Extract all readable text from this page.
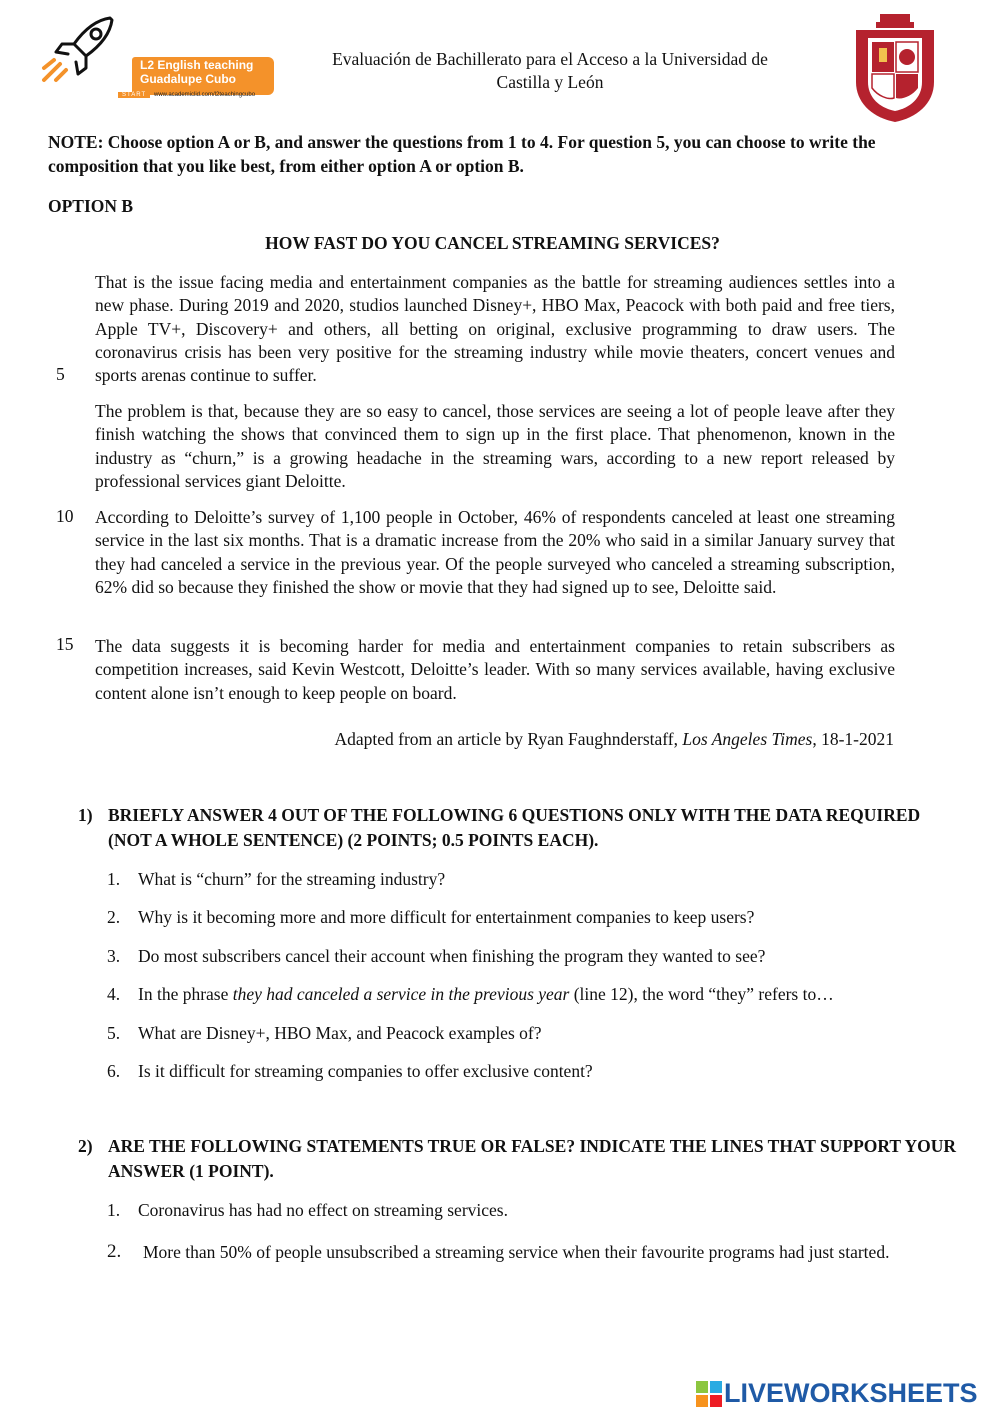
L2 English teaching
Guadalupe Cubo
START	www.academiclid.com/l2teachingcubo
Evaluación de Bachillerato para el Acceso a la Universidad de
Castilla y León
NOTE: Choose option A or B, and answer the questions from 1 to 4. For question 5, you can choose to write the composition that you like best, from either option A or option B.
OPTION B
HOW FAST DO YOU CANCEL STREAMING SERVICES?
That is the issue facing media and entertainment companies as the battle for streaming audiences settles into a new phase. During 2019 and 2020, studios launched Disney+, HBO Max, Peacock with both paid and free tiers, Apple TV+, Discovery+ and others, all betting on original, exclusive programming to draw users. The coronavirus crisis has been very positive for the streaming industry while movie theaters, concert venues and sports arenas continue to suffer.
The problem is that, because they are so easy to cancel, those services are seeing a lot of people leave after they finish watching the shows that convinced them to sign up in the first place. That phenomenon, known in the industry as “churn,” is a growing headache in the streaming wars, according to a new report released by professional services giant Deloitte.
According to Deloitte’s survey of 1,100 people in October, 46% of respondents canceled at least one streaming service in the last six months. That is a dramatic increase from the 20% who said in a similar January survey that they had canceled a service in the previous year. Of the people surveyed who canceled a streaming subscription, 62% did so because they finished the show or movie that they had signed up to see, Deloitte said.
The data suggests it is becoming harder for media and entertainment companies to retain subscribers as competition increases, said Kevin Westcott, Deloitte’s leader. With so many services available, having exclusive content alone isn’t enough to keep people on board.
5
10
15
Adapted from an article by Ryan Faughnderstaff, Los Angeles Times, 18-1-2021
1) BRIEFLY ANSWER 4 OUT OF THE FOLLOWING 6 QUESTIONS ONLY WITH THE DATA REQUIRED (NOT A WHOLE SENTENCE) (2 POINTS; 0.5 POINTS EACH).
1. What is “churn” for the streaming industry?
2. Why is it becoming more and more difficult for entertainment companies to keep users?
3. Do most subscribers cancel their account when finishing the program they wanted to see?
4. In the phrase they had canceled a service in the previous year (line 12), the word “they” refers to…
5. What are Disney+, HBO Max, and Peacock examples of?
6. Is it difficult for streaming companies to offer exclusive content?
2) ARE THE FOLLOWING STATEMENTS TRUE OR FALSE? INDICATE THE LINES THAT SUPPORT YOUR ANSWER (1 POINT).
1. Coronavirus has had no effect on streaming services.
2. More than 50% of people unsubscribed a streaming service when their favourite programs had just started.
LIVEWORKSHEETS
